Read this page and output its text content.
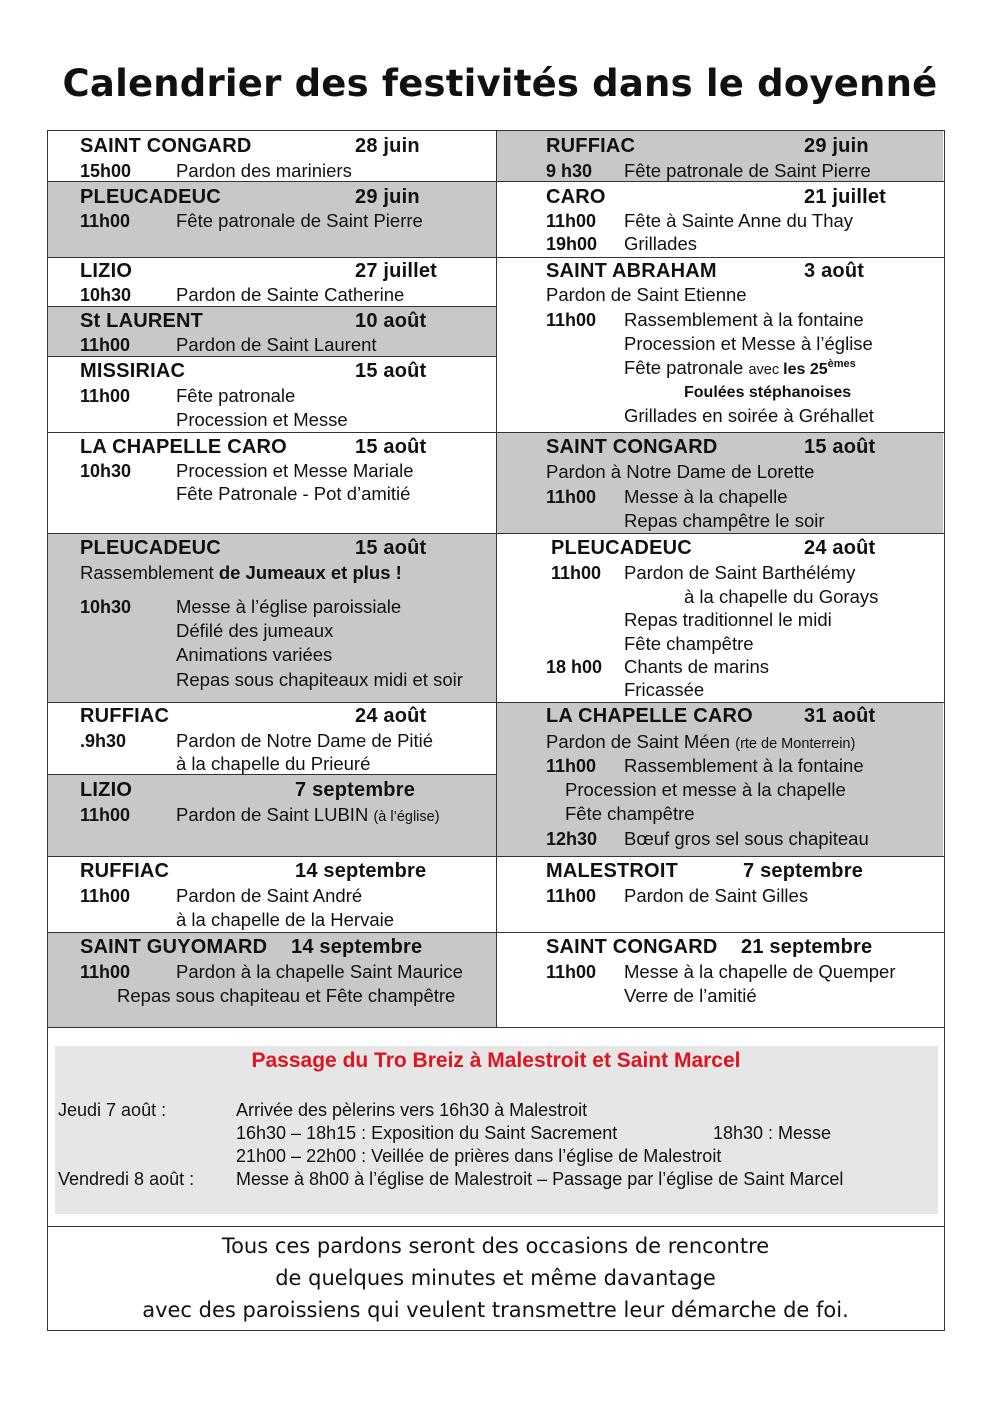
Calendrier des festivités dans le doyenné
SAINT CONGARD	28 juin
15h00 Pardon des mariniers
PLEUCADEUC	29 juin
11h00 Fête patronale de Saint Pierre
LIZIO	27 juillet
10h30 Pardon de Sainte Catherine
St LAURENT	10 août
11h00 Pardon de Saint Laurent
MISSIRIAC	15 août
11h00 Fête patronale
Procession et Messe
LA CHAPELLE CARO	15 août
10h30 Procession et Messe Mariale
Fête Patronale - Pot d’amitié
PLEUCADEUC	15 août
Rassemblement de Jumeaux et plus !
10h30 Messe à l’église paroissiale
Défilé des jumeaux
Animations variées
Repas sous chapiteaux midi et soir
RUFFIAC	24 août
.9h30	Pardon de Notre Dame de Pitié
à la chapelle du Prieuré
LIZIO	7 septembre
11h00 Pardon de Saint LUBIN (à l’église)
RUFFIAC	14 septembre
11h00 Pardon de Saint André
à la chapelle de la Hervaie
SAINT GUYOMARD 14 septembre
11h00 Pardon à la chapelle Saint Maurice
Repas sous chapiteau et Fête champêtre
RUFFIAC	29 juin
9 h30 Fête patronale de Saint Pierre
CARO	21 juillet
11h00 Fête à Sainte Anne du Thay
19h00 Grillades
SAINT ABRAHAM	3 août
Pardon de Saint Etienne
11h00 Rassemblement à la fontaine
Procession et Messe à l’église
Fête patronale avec les 25èmes
Foulées stéphanoises
Grillades en soirée à Gréhallet
SAINT CONGARD	15 août
Pardon à Notre Dame de Lorette
11h00 Messe à la chapelle
Repas champêtre le soir
PLEUCADEUC	24 août
11h00 Pardon de Saint Barthélémy
à la chapelle du Gorays
Repas traditionnel le midi
Fête champêtre
18 h00 Chants de marins
Fricassée
LA CHAPELLE CARO	31 août
Pardon de Saint Méen (rte de Monterrein)
11h00 Rassemblement à la fontaine
Procession et messe à la chapelle
Fête champêtre
12h30 Bœuf gros sel sous chapiteau
MALESTROIT	7 septembre
11h00 Pardon de Saint Gilles
SAINT CONGARD 21 septembre
11h00 Messe à la chapelle de Quemper
Verre de l’amitié
Passage du Tro Breiz à Malestroit et Saint Marcel
Jeudi 7 août :	Arrivée des pèlerins vers 16h30 à Malestroit
16h30 – 18h15 : Exposition du Saint Sacrement	18h30 : Messe
21h00 – 22h00 : Veillée de prières dans l’église de Malestroit
Vendredi 8 août : Messe à 8h00 à l’église de Malestroit – Passage par l’église de Saint Marcel
Tous ces pardons seront des occasions de rencontre
de quelques minutes et même davantage
avec des paroissiens qui veulent transmettre leur démarche de foi.
